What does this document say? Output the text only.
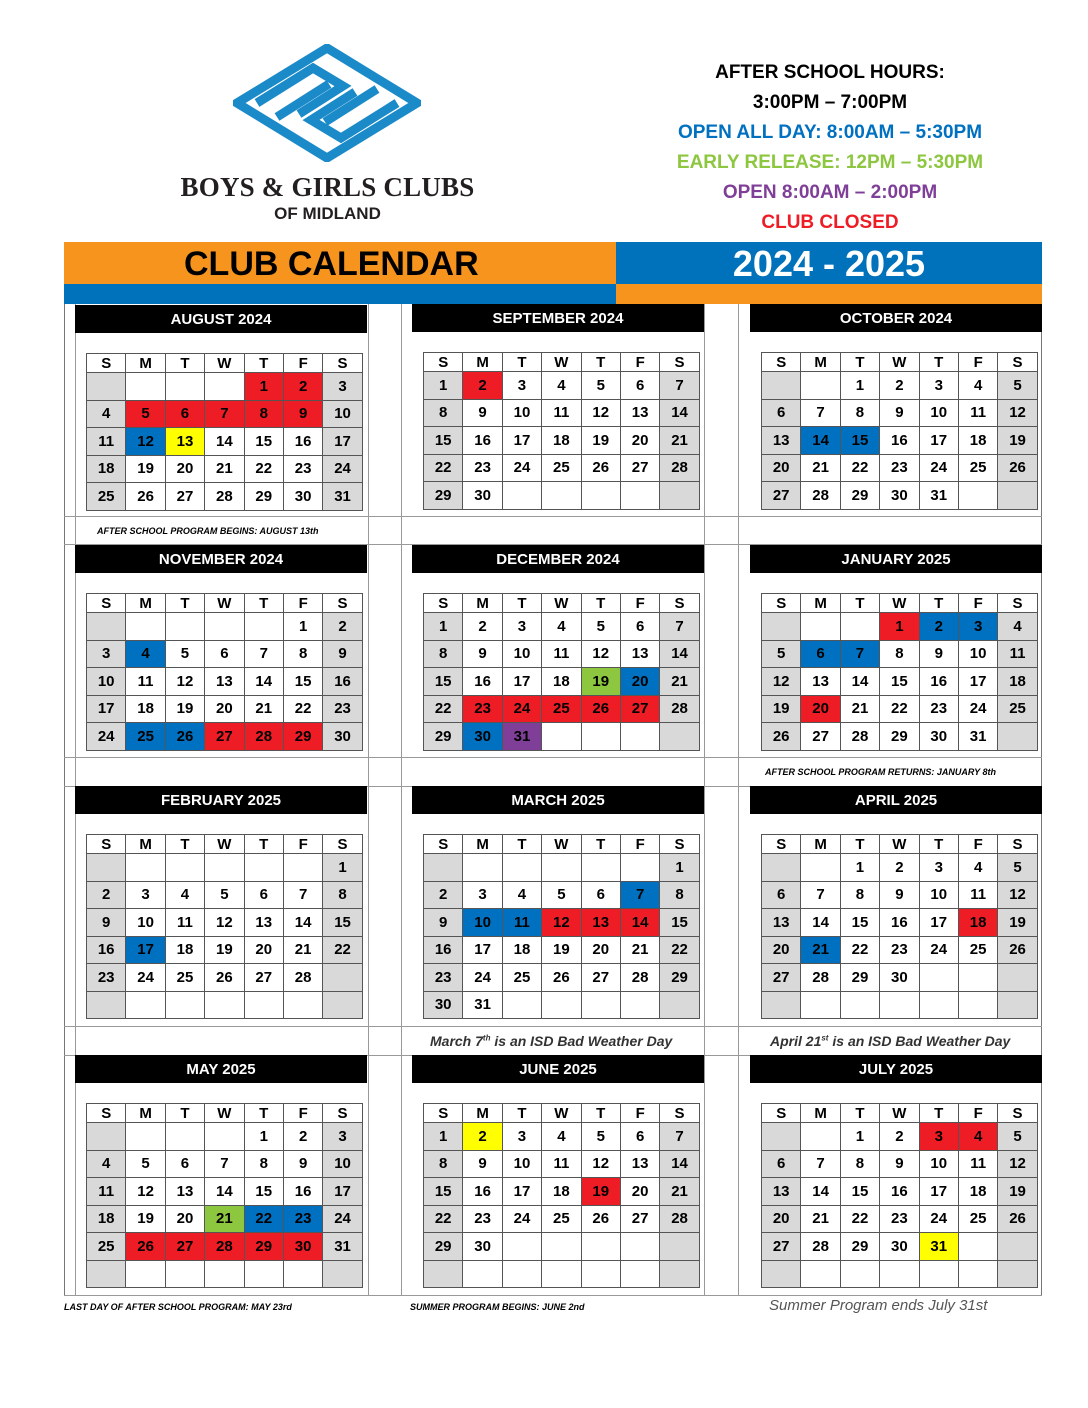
BOYS & GIRLS CLUBS
OF MIDLAND
AFTER SCHOOL HOURS:
3:00PM – 7:00PM
OPEN ALL DAY: 8:00AM – 5:30PM
EARLY RELEASE: 12PM – 5:30PM
OPEN 8:00AM – 2:00PM
CLUB CLOSED
CLUB CALENDAR	2024 - 2025
AUGUST 2024
S	M	T	W	T	F	S
				1	2	3
4	5	6	7	8	9	10
11	12	13	14	15	16	17
18	19	20	21	22	23	24
25	26	27	28	29	30	31
SEPTEMBER 2024
S	M	T	W	T	F	S
1	2	3	4	5	6	7
8	9	10	11	12	13	14
15	16	17	18	19	20	21
22	23	24	25	26	27	28
29	30					
OCTOBER 2024
S	M	T	W	T	F	S
		1	2	3	4	5
6	7	8	9	10	11	12
13	14	15	16	17	18	19
20	21	22	23	24	25	26
27	28	29	30	31		
NOVEMBER 2024
S	M	T	W	T	F	S
					1	2
3	4	5	6	7	8	9
10	11	12	13	14	15	16
17	18	19	20	21	22	23
24	25	26	27	28	29	30
DECEMBER 2024
S	M	T	W	T	F	S
1	2	3	4	5	6	7
8	9	10	11	12	13	14
15	16	17	18	19	20	21
22	23	24	25	26	27	28
29	30	31				
JANUARY 2025
S	M	T	W	T	F	S
			1	2	3	4
5	6	7	8	9	10	11
12	13	14	15	16	17	18
19	20	21	22	23	24	25
26	27	28	29	30	31	
FEBRUARY 2025
S	M	T	W	T	F	S
						1
2	3	4	5	6	7	8
9	10	11	12	13	14	15
16	17	18	19	20	21	22
23	24	25	26	27	28	

MARCH 2025
S	M	T	W	T	F	S
						1
2	3	4	5	6	7	8
9	10	11	12	13	14	15
16	17	18	19	20	21	22
23	24	25	26	27	28	29
30	31					
APRIL 2025
S	M	T	W	T	F	S
		1	2	3	4	5
6	7	8	9	10	11	12
13	14	15	16	17	18	19
20	21	22	23	24	25	26
27	28	29	30			

MAY 2025
S	M	T	W	T	F	S
				1	2	3
4	5	6	7	8	9	10
11	12	13	14	15	16	17
18	19	20	21	22	23	24
25	26	27	28	29	30	31

JUNE 2025
S	M	T	W	T	F	S
1	2	3	4	5	6	7
8	9	10	11	12	13	14
15	16	17	18	19	20	21
22	23	24	25	26	27	28
29	30					

JULY 2025
S	M	T	W	T	F	S
		1	2	3	4	5
6	7	8	9	10	11	12
13	14	15	16	17	18	19
20	21	22	23	24	25	26
27	28	29	30	31		

AFTER SCHOOL PROGRAM BEGINS: AUGUST 13th
AFTER SCHOOL PROGRAM RETURNS: JANUARY 8th
March 7th is an ISD Bad Weather Day	April 21st is an ISD Bad Weather Day
LAST DAY OF AFTER SCHOOL PROGRAM: MAY 23rd	SUMMER PROGRAM BEGINS: JUNE 2nd	Summer Program ends July 31st
